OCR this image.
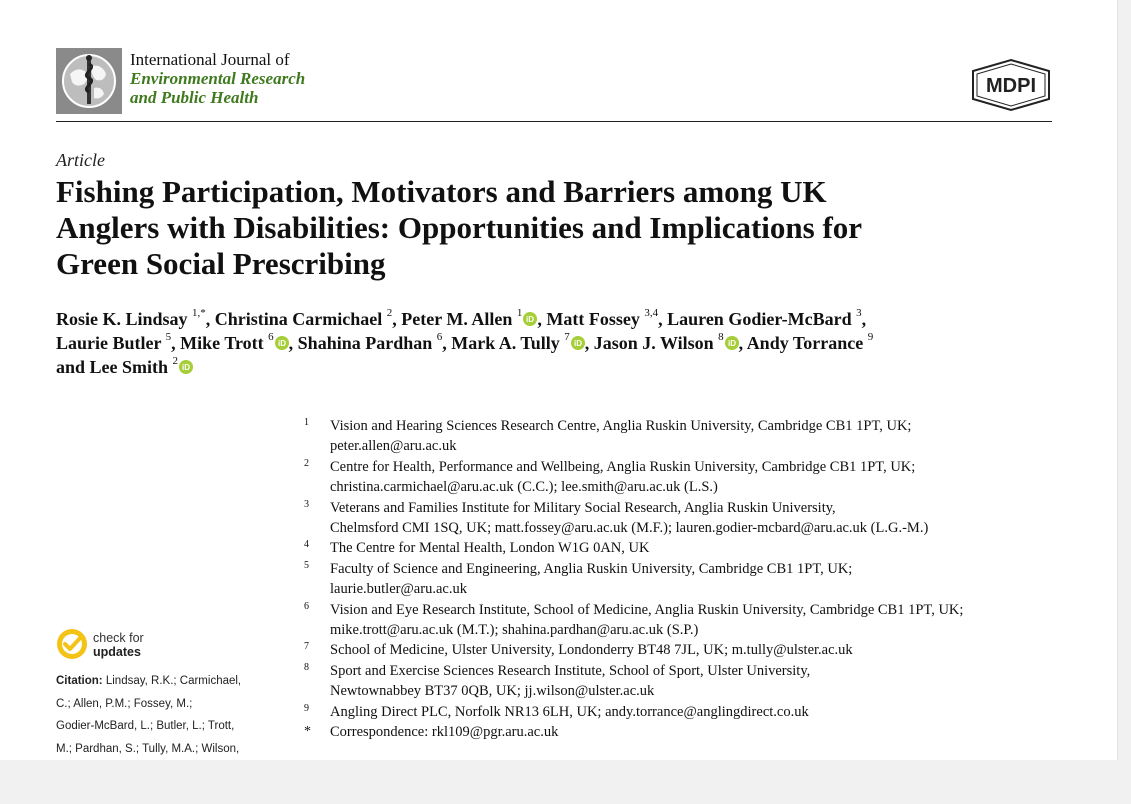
International Journal of
Environmental Research
and Public Health
MDPI
Article
Fishing Participation, Motivators and Barriers among UK
Anglers with Disabilities: Opportunities and Implications for
Green Social Prescribing
Rosie K. Lindsay $^{1,*}$, Christina Carmichael $^2$, Peter M. Allen $^1$
iD , Matt Fossey $^{3,4}$, Lauren Godier-McBard $^3$,
Laurie Butler $^5$, Mike Trott $^6$
iD , Shahina Pardhan $^6$, Mark A. Tully $^7$
iD , Jason J. Wilson $^8$
iD , Andy Torrance $^9$
and Lee Smith $^2$
iD
1 Vision and Hearing Sciences Research Centre, Anglia Ruskin University, Cambridge CB1 1PT, UK;
peter.allen@aru.ac.uk
2 Centre for Health, Performance and Wellbeing, Anglia Ruskin University, Cambridge CB1 1PT, UK;
christina.carmichael@aru.ac.uk (C.C.); lee.smith@aru.ac.uk (L.S.)
3 Veterans and Families Institute for Military Social Research, Anglia Ruskin University,
Chelmsford CMI 1SQ, UK; matt.fossey@aru.ac.uk (M.F.); lauren.godier-mcbard@aru.ac.uk (L.G.-M.)
4 The Centre for Mental Health, London W1G 0AN, UK
5 Faculty of Science and Engineering, Anglia Ruskin University, Cambridge CB1 1PT, UK;
laurie.butler@aru.ac.uk
6 Vision and Eye Research Institute, School of Medicine, Anglia Ruskin University, Cambridge CB1 1PT, UK;
mike.trott@aru.ac.uk (M.T.); shahina.pardhan@aru.ac.uk (S.P.)
7 School of Medicine, Ulster University, Londonderry BT48 7JL, UK; m.tully@ulster.ac.uk
8 Sport and Exercise Sciences Research Institute, School of Sport, Ulster University,
Newtownabbey BT37 0QB, UK; jj.wilson@ulster.ac.uk
9 Angling Direct PLC, Norfolk NR13 6LH, UK; andy.torrance@anglingdirect.co.uk
* Correspondence: rkl109@pgr.aru.ac.uk
check for
updates
Citation: Lindsay, R.K.; Carmichael,
C.; Allen, P.M.; Fossey, M.;
Godier-McBard, L.; Butler, L.; Trott,
M.; Pardhan, S.; Tully, M.A.; Wilson,
